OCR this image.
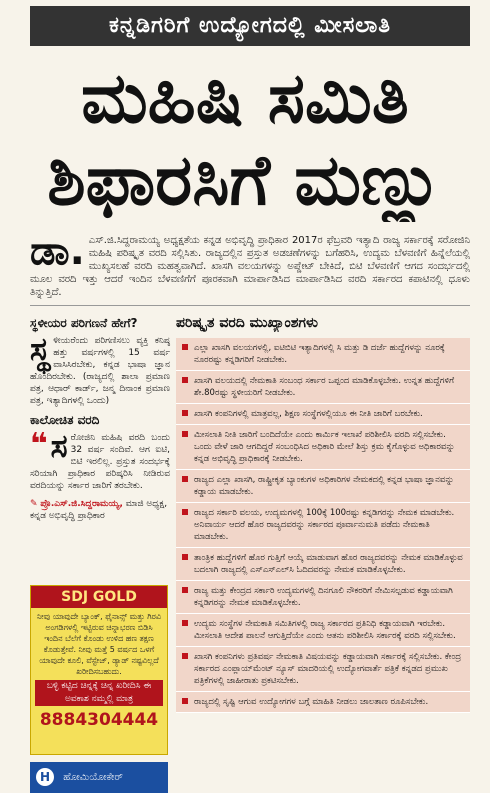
ಕನ್ನಡಿಗರಿಗೆ ಉದ್ಯೋಗದಲ್ಲಿ ಮೀಸಲಾತಿ
ಮಹಿಷಿ ಸಮಿತಿ
ಶಿಫಾರಸಿಗೆ ಮಣ್ಣು
ಡಾ. ಎಸ್.ಜಿ.ಸಿದ್ದರಾಮಯ್ಯ ಅಧ್ಯಕ್ಷತೆಯ ಕನ್ನಡ ಅಭಿವೃದ್ಧಿ ಪ್ರಾಧಿಕಾರ 2017ರ ಫೆಬ್ರವರಿ ಇತ್ಯಾದಿ ರಾಜ್ಯ ಸರ್ಕಾರಕ್ಕೆ ಸರೋಜಿನಿ ಮಹಿಷಿ ಪರಿಷ್ಕೃತ ವರದಿ ಸಲ್ಲಿಸಿತು. ರಾಜ್ಯದಲ್ಲಿನ ಪ್ರಸ್ತುತ ಅಡಚಣೆಗಳನ್ನು ಬಗೆಹರಿಸಿ, ಉದ್ಯಮ ಬೆಳವಣಿಗೆ ಹಿನ್ನೆಲೆಯಲ್ಲಿ ಮುಖ್ಯಸಲಹೆ ವರದಿ ಮಹತ್ವವಾಗಿದೆ. ಖಾಸಗಿ ವಲಯಗಳನ್ನು ಅಪ್ಡೇಟ್ ಬೇಕಿದೆ, ಬಿಟಿ ಬೆಳವಣಿಗೆ ಆಗದ ಸಂದರ್ಭದಲ್ಲಿ ಮೂಲ ವರದಿ ಇತ್ತು ಆದರೆ ಇಂದಿನ ಬೆಳವಣಿಗೆಗೆ ಪೂರಕವಾಗಿ ಮಾರ್ಪಾಡಿಸಿದ ಮಾರ್ಪಾಡಿಸಿದ ವರದಿ ಸರ್ಕಾರದ ಕಪಾಟಿನಲ್ಲಿ ಧೂಳು ತಿನ್ನುತ್ತಿದೆ.
ಸ್ಥಳೀಯರ ಪರಿಗಣನೆ ಹೇಗೆ?
ಸ್ಥ ಳೀಯರೆಂದು ಪರಿಗಣಿಸಲು ವ್ಯಕ್ತಿ ಕನಿಷ್ಠ ಹತ್ತು ವರ್ಷಗಳಲ್ಲಿ 15 ವರ್ಷ ವಾಸಿಸಿರಬೇಕು, ಕನ್ನಡ ಭಾಷಾ ಜ್ಞಾನ ಹೊಂದಿರಬೇಕು. (ರಾಜ್ಯದಲ್ಲಿ ಶಾಲಾ ಪ್ರಮಾಣ ಪತ್ರ, ಆಧಾರ್ ಕಾರ್ಡ್, ಜನ್ಮ ದಿನಾಂಕ ಪ್ರಮಾಣ ಪತ್ರ, ಇತ್ಯಾದಿಗಳಲ್ಲಿ ಒಂದು)
ಕಾಲೋಚಿತ ವರದಿ
❝ ಸ ರೋಜಿನಿ ಮಹಿಷಿ ವರದಿ ಬಂದು 32 ವರ್ಷ ಸಂದಿವೆ. ಆಗ ಐಟಿ, ಬಿಟಿ ಇರಲಿಲ್ಲ. ಪ್ರಸ್ತುತ ಸಂದರ್ಭಕ್ಕೆ ಸರಿಯಾಗಿ ಪ್ರಾಧಿಕಾರ ಪರಿಷ್ಕರಿಸಿ ನೀಡಿರುವ ವರದಿಯನ್ನು ಸರ್ಕಾರ ಜಾರಿಗೆ ತರಬೇಕು.
✎ ಪ್ರೊ.ಎಸ್.ಜಿ.ಸಿದ್ದರಾಮಯ್ಯ, ಮಾಜಿ ಅಧ್ಯಕ್ಷ, ಕನ್ನಡ ಅಭಿವೃದ್ಧಿ ಪ್ರಾಧಿಕಾರ
SDJ GOLD
ನೀವು ಯಾವುದೇ ಬ್ಯಾಂಕ್, ಫೈನಾನ್ಸ್ ಮತ್ತು ಗಿರವಿ ಅಂಗಡಿಗಳಲ್ಲಿ ಇಟ್ಟಿರುವ ಚಿನ್ನಾಭರಣ ಬಿಡಿಸಿ ಇಂದಿನ ಬೆಲೆಗೆ ಕೊಂಡು ಉಳಿದ ಹಣ ತಕ್ಷಣ ಕೊಡುತ್ತೇವೆ. ನೀವು ಮತ್ತೆ 5 ವರ್ಷದ ಒಳಗೆ ಯಾವುದೇ ಕೂಲಿ, ವೆಸ್ಟೇಜ್, ಡ್ಯಾಡ್ ನಷ್ಟವಿಲ್ಲದೆ ಖರೀದಿಸಬಹುದು.
ಬಳ್ಳಿ ಕಟ್ಟಿದ ಚಿನ್ನಕ್ಕೆ ಚಿನ್ನ ಖರೀದಿಸಿ ಈ ಅವಕಾಶ ನಮ್ಮಲ್ಲಿ ಮಾತ್ರ
8884304444
H ಹೋಮಿಯೋಕೇರ್
ಪರಿಷ್ಕೃತ ವರದಿ ಮುಖ್ಯಾಂಶಗಳು
ಎಲ್ಲಾ ಖಾಸಗಿ ವಲಯಗಳಲ್ಲಿ, ಐಟಿಬಿಟಿ ಇತ್ಯಾದಿಗಳಲ್ಲಿ ಸಿ ಮತ್ತು ಡಿ ದರ್ಜೆ ಹುದ್ದೆಗಳನ್ನು ನೂರಕ್ಕೆ ನೂರರಷ್ಟು ಕನ್ನಡಿಗರಿಗೆ ನೀಡಬೇಕು.
ಖಾಸಗಿ ವಲಯದಲ್ಲಿ ನೇಮಕಾತಿ ಸಂಬಂಧ ಸರ್ಕಾರ ಒಪ್ಪಂದ ಮಾಡಿಕೊಳ್ಳಬೇಕು. ಉನ್ನತ ಹುದ್ದೆಗಳಿಗೆ ಶೇ.80ರಷ್ಟು ಸ್ಥಳೀಯರಿಗೆ ನೀಡಬೇಕು.
ಖಾಸಗಿ ಕಂಪನಿಗಳಲ್ಲಿ ಮಾತ್ರವಲ್ಲ, ಶಿಕ್ಷಣ ಸಂಸ್ಥೆಗಳಲ್ಲಿಯೂ ಈ ನೀತಿ ಜಾರಿಗೆ ಬರಬೇಕು.
ಮೀಸಲಾತಿ ನೀತಿ ಜಾರಿಗೆ ಬಂದಿದೆಯೇ ಎಂದು ಕಾರ್ಮಿಕ ಇಲಾಖೆ ಪರಿಶೀಲಿಸಿ ವರದಿ ಸಲ್ಲಿಸಬೇಕು. ಒಂದು ವೇಳೆ ಜಾರಿ ಆಗದಿದ್ದರೆ ಸಂಬಂಧಿಸಿದ ಅಧಿಕಾರಿ ಮೇಲೆ ಶಿಸ್ತು ಕ್ರಮ ಕೈಗೊಳ್ಳುವ ಅಧಿಕಾರವನ್ನು ಕನ್ನಡ ಅಭಿವೃದ್ಧಿ ಪ್ರಾಧಿಕಾರಕ್ಕೆ ನೀಡಬೇಕು.
ರಾಜ್ಯದ ಎಲ್ಲಾ ಖಾಸಗಿ, ರಾಷ್ಟ್ರೀಕೃತ ಬ್ಯಾಂಕುಗಳ ಅಧಿಕಾರಿಗಳ ನೇಮಕದಲ್ಲಿ ಕನ್ನಡ ಭಾಷಾ ಜ್ಞಾನವನ್ನು ಕಡ್ಡಾಯ ಮಾಡಬೇಕು.
ರಾಜ್ಯದ ಸರ್ಕಾರಿ ವಲಯ, ಉದ್ಯಮಗಳಲ್ಲಿ 100ಕ್ಕೆ 100ರಷ್ಟು ಕನ್ನಡಿಗರನ್ನು ನೇಮಕ ಮಾಡಬೇಕು. ಅನಿವಾರ್ಯ ಆದರೆ ಹೊರ ರಾಜ್ಯದವರನ್ನು ಸರ್ಕಾರದ ಪೂರ್ವಾನುಮತಿ ಪಡೆದು ನೇಮಕಾತಿ ಮಾಡಬೇಕು.
ತಾಂತ್ರಿಕ ಹುದ್ದೆಗಳಿಗೆ ಹೊರ ಗುತ್ತಿಗೆ ಆಯ್ಕೆ ಮಾಡುವಾಗ ಹೊರ ರಾಜ್ಯದವರನ್ನು ನೇಮಕ ಮಾಡಿಕೊಳ್ಳುವ ಬದಲಾಗಿ ರಾಜ್ಯದಲ್ಲಿ ಎಸ್‌ಎಸ್‌ಎಲ್‌ಸಿ ಓದಿದವರನ್ನು ನೇಮಕ ಮಾಡಿಕೊಳ್ಳಬೇಕು.
ರಾಜ್ಯ ಮತ್ತು ಕೇಂದ್ರದ ಸರ್ಕಾರಿ ಉದ್ಯಮಗಳಲ್ಲಿ ದಿನಗೂಲಿ ನೌಕರರಿಗೆ ನೇಮಿಸಲ್ಪಡುವ ಕಡ್ಡಾಯವಾಗಿ ಕನ್ನಡಿಗರನ್ನು ನೇಮಕ ಮಾಡಿಕೊಳ್ಳಬೇಕು.
ಉದ್ಯಮ ಸಂಸ್ಥೆಗಳ ನೇಮಕಾತಿ ಸಮಿತಿಗಳಲ್ಲಿ ರಾಜ್ಯ ಸರ್ಕಾರದ ಪ್ರತಿನಿಧಿ ಕಡ್ಡಾಯವಾಗಿ ಇರಬೇಕು. ಮೀಸಲಾತಿ ಆದೇಶ ಪಾಲನೆ ಆಗುತ್ತಿದೆಯೇ ಎಂದು ಆತನು ಪರಿಶೀಲಿಸಿ ಸರ್ಕಾರಕ್ಕೆ ವರದಿ ಸಲ್ಲಿಸಬೇಕು.
ಖಾಸಗಿ ಕಂಪನಿಗಳು ಪ್ರತಿವರ್ಷ ನೇಮಕಾತಿ ವಿಷಯವನ್ನು ಕಡ್ಡಾಯವಾಗಿ ಸರ್ಕಾರಕ್ಕೆ ಸಲ್ಲಿಸಬೇಕು. ಕೇಂದ್ರ ಸರ್ಕಾರದ ಎಂಪ್ಲಾಯ್‌ಮೆಂಟ್ ನ್ಯೂಸ್ ಮಾದರಿಯಲ್ಲಿ ಉದ್ಯೋಗವಾರ್ತೆ ಪತ್ರಿಕೆ ಕನ್ನಡದ ಪ್ರಮುಖ ಪತ್ರಿಕೆಗಳಲ್ಲಿ ಜಾಹೀರಾತು ಪ್ರಕಟಿಸಬೇಕು.
ರಾಜ್ಯದಲ್ಲಿ ಸೃಷ್ಟಿ ಆಗುವ ಉದ್ಯೋಗಗಳ ಬಗ್ಗೆ ಮಾಹಿತಿ ನೀಡಲು ಜಾಲತಾಣ ರೂಪಿಸಬೇಕು.
